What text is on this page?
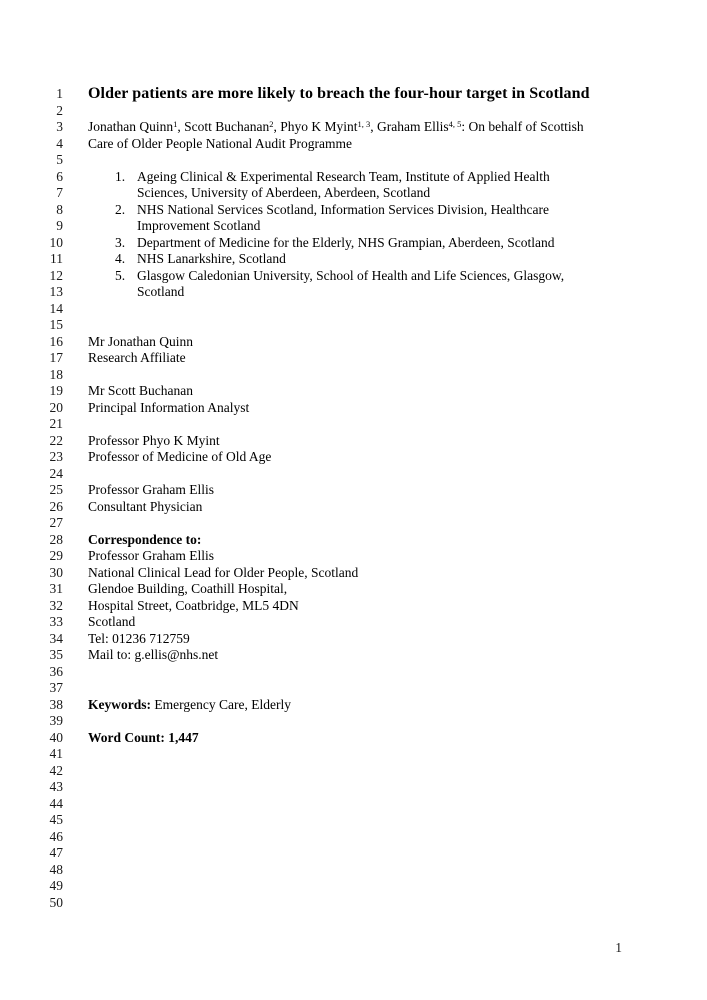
1
2
3
4
5
6
7
8
9
10
11
12
13
14
15
16
17
18
19
20
21
22
23
24
25
26
27
28
29
30
31
32
33
34
35
36
37
38
39
40
41
42
43
44
45
46
47
48
49
50
Older patients are more likely to breach the four-hour target in Scotland
Jonathan Quinn$^1$, Scott Buchanan$^2$, Phyo K Myint$^{1, 3}$, Graham Ellis$^{4, 5}$: On behalf of Scottish
Care of Older People National Audit Programme
1. Ageing Clinical & Experimental Research Team, Institute of Applied Health
Sciences, University of Aberdeen, Aberdeen, Scotland
2. NHS National Services Scotland, Information Services Division, Healthcare
Improvement Scotland
3. Department of Medicine for the Elderly, NHS Grampian, Aberdeen, Scotland
4. NHS Lanarkshire, Scotland
5. Glasgow Caledonian University, School of Health and Life Sciences, Glasgow,
Scotland
Mr Jonathan Quinn
Research Affiliate
Mr Scott Buchanan
Principal Information Analyst
Professor Phyo K Myint
Professor of Medicine of Old Age
Professor Graham Ellis
Consultant Physician
Correspondence to:
Professor Graham Ellis
National Clinical Lead for Older People, Scotland
Glendoe Building, Coathill Hospital,
Hospital Street, Coatbridge, ML5 4DN
Scotland
Tel: 01236 712759
Mail to: g.ellis@nhs.net
Keywords: Emergency Care, Elderly
Word Count: 1,447
1
